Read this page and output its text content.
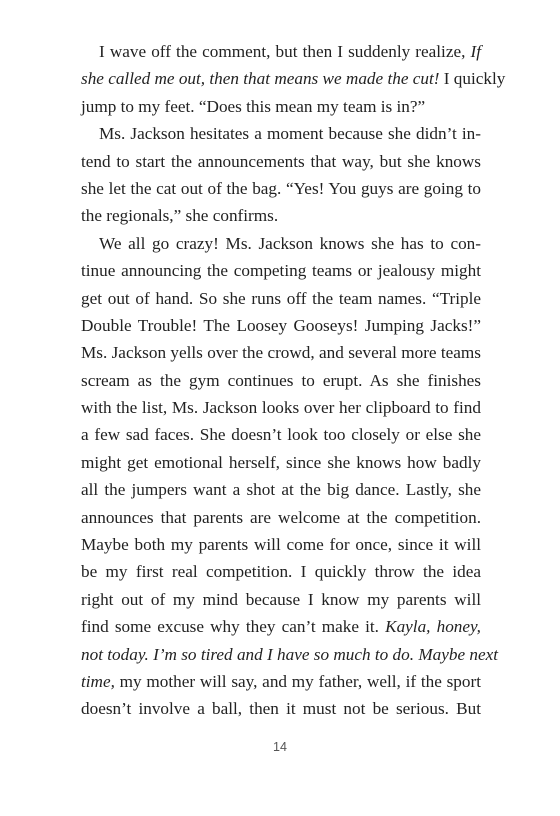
I wave off the comment, but then I suddenly realize, If
she called me out, then that means we made the cut! I quickly
jump to my feet. “Does this mean my team is in?”
Ms. Jackson hesitates a moment because she didn’t in-
tend to start the announcements that way, but she knows
she let the cat out of the bag. “Yes! You guys are going to
the regionals,” she confirms.
We all go crazy! Ms. Jackson knows she has to con-
tinue announcing the competing teams or jealousy might
get out of hand. So she runs off the team names. “Triple
Double Trouble! The Loosey Gooseys! Jumping Jacks!”
Ms. Jackson yells over the crowd, and several more teams
scream as the gym continues to erupt. As she finishes
with the list, Ms. Jackson looks over her clipboard to find
a few sad faces. She doesn’t look too closely or else she
might get emotional herself, since she knows how badly
all the jumpers want a shot at the big dance. Lastly, she
announces that parents are welcome at the competition.
Maybe both my parents will come for once, since it will
be my first real competition. I quickly throw the idea
right out of my mind because I know my parents will
find some excuse why they can’t make it. Kayla, honey,
not today. I’m so tired and I have so much to do. Maybe next
time, my mother will say, and my father, well, if the sport
doesn’t involve a ball, then it must not be serious. But
14
